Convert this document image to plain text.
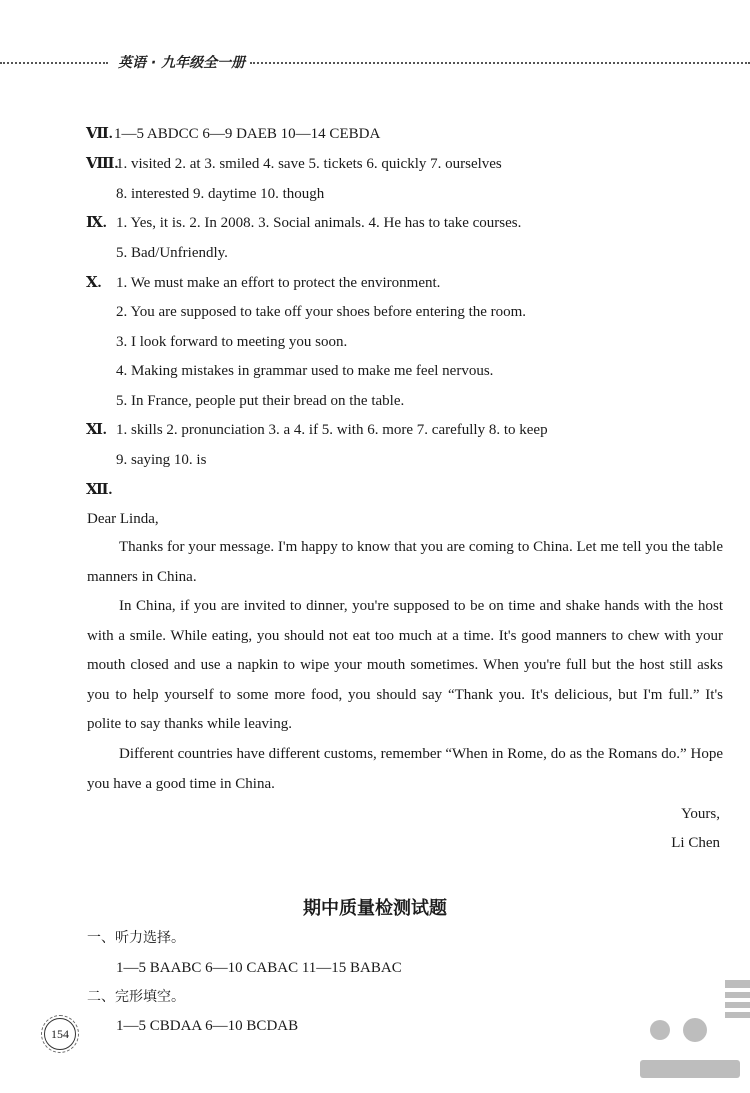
英语 · 九年级全一册
Ⅶ. 1—5 ABDCC 6—9 DAEB 10—14 CEBDA
Ⅷ.
1. visited 2. at 3. smiled 4. save 5. tickets 6. quickly 7. ourselves
8. interested 9. daytime 10. though
Ⅸ. 1. Yes, it is. 2. In 2008. 3. Social animals. 4. He has to take courses.
5. Bad/Unfriendly.
Ⅹ. 1. We must make an effort to protect the environment.
2. You are supposed to take off your shoes before entering the room.
3. I look forward to meeting you soon.
4. Making mistakes in grammar used to make me feel nervous.
5. In France, people put their bread on the table.
Ⅺ. 1. skills 2. pronunciation 3. a 4. if 5. with 6. more 7. carefully 8. to keep
9. saying 10. is
Ⅻ.
Dear Linda,
Thanks for your message. I'm happy to know that you are coming to China. Let me tell you the table manners in China.
In China, if you are invited to dinner, you're supposed to be on time and shake hands with the host with a smile. While eating, you should not eat too much at a time. It's good manners to chew with your mouth closed and use a napkin to wipe your mouth sometimes. When you're full but the host still asks you to help yourself to some more food, you should say “Thank you. It's delicious, but I'm full.” It's polite to say thanks while leaving.
Different countries have different customs, remember “When in Rome, do as the Romans do.” Hope you have a good time in China.
Yours,
Li Chen
期中质量检测试题
一、听力选择。
1—5 BAABC 6—10 CABAC 11—15 BABAC
二、完形填空。
1—5 CBDAA 6—10 BCDAB
154
